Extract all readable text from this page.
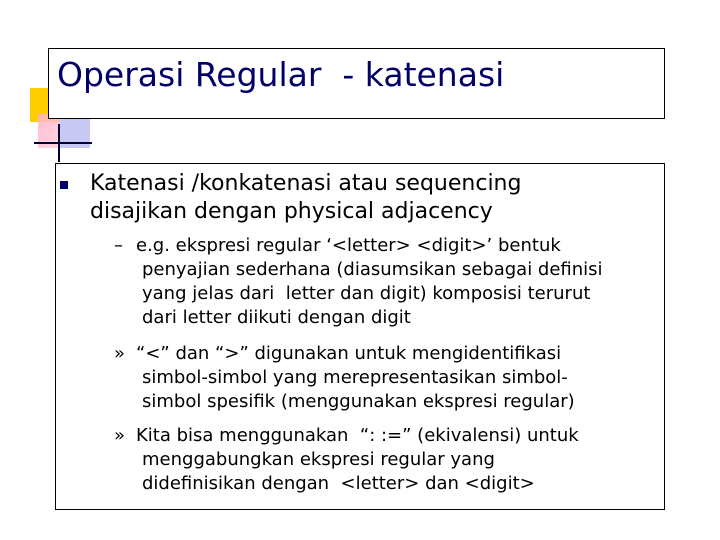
Operasi Regular  - katenasi

Katenasi /konkatenasi atau sequencing
disajikan dengan physical adjacency

– e.g. ekspresi regular ‘<letter> <digit>’ bentuk
penyajian sederhana (diasumsikan sebagai definisi
yang jelas dari  letter dan digit) komposisi terurut
dari letter diikuti dengan digit
» “<” dan “>” digunakan untuk mengidentifikasi
simbol-simbol yang merepresentasikan simbol-
simbol spesifik (menggunakan ekspresi regular)
» Kita bisa menggunakan  “: :=” (ekivalensi) untuk
menggabungkan ekspresi regular yang
didefinisikan dengan  <letter> dan <digit>
